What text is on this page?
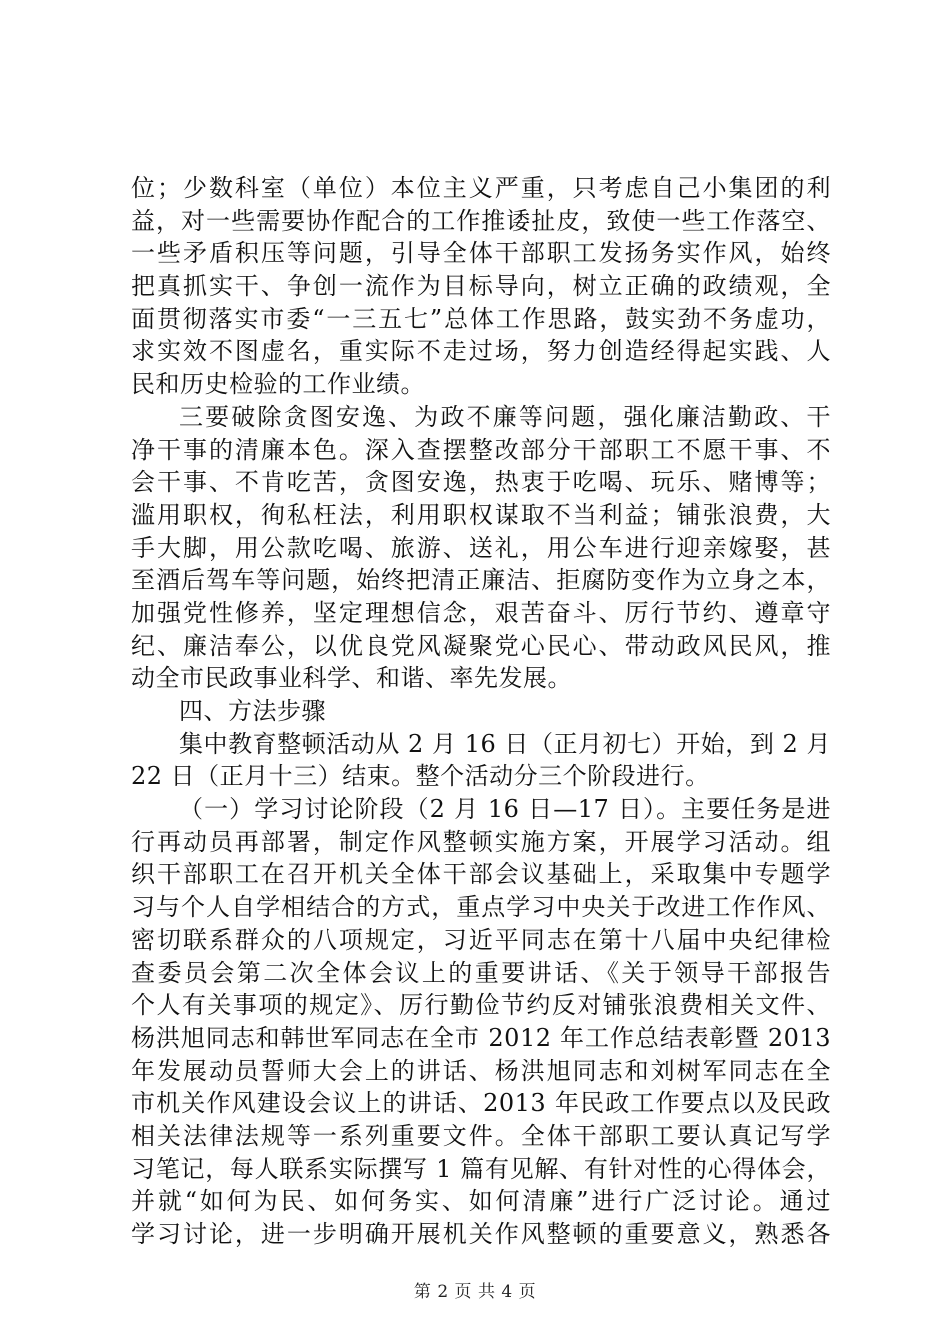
位；少数科室（单位）本位主义严重，只考虑自己小集团的利
益，对一些需要协作配合的工作推诿扯皮，致使一些工作落空、
一些矛盾积压等问题，引导全体干部职工发扬务实作风，始终
把真抓实干、争创一流作为目标导向，树立正确的政绩观，全
面贯彻落实市委“一三五七”总体工作思路，鼓实劲不务虚功，
求实效不图虚名，重实际不走过场，努力创造经得起实践、人
民和历史检验的工作业绩。
三要破除贪图安逸、为政不廉等问题，强化廉洁勤政、干
净干事的清廉本色。深入查摆整改部分干部职工不愿干事、不
会干事、不肯吃苦，贪图安逸，热衷于吃喝、玩乐、赌博等；
滥用职权，徇私枉法，利用职权谋取不当利益；铺张浪费，大
手大脚，用公款吃喝、旅游、送礼，用公车进行迎亲嫁娶，甚
至酒后驾车等问题，始终把清正廉洁、拒腐防变作为立身之本，
加强党性修养，坚定理想信念，艰苦奋斗、厉行节约、遵章守
纪、廉洁奉公，以优良党风凝聚党心民心、带动政风民风，推
动全市民政事业科学、和谐、率先发展。
四、方法步骤
集中教育整顿活动从 2 月 16 日（正月初七）开始，到 2 月
22 日（正月十三）结束。整个活动分三个阶段进行。
（一）学习讨论阶段（2 月 16 日—17 日）。主要任务是进
行再动员再部署，制定作风整顿实施方案，开展学习活动。组
织干部职工在召开机关全体干部会议基础上，采取集中专题学
习与个人自学相结合的方式，重点学习中央关于改进工作作风、
密切联系群众的八项规定，习近平同志在第十八届中央纪律检
查委员会第二次全体会议上的重要讲话、《关于领导干部报告
个人有关事项的规定》、厉行勤俭节约反对铺张浪费相关文件、
杨洪旭同志和韩世军同志在全市 2012 年工作总结表彰暨 2013
年发展动员誓师大会上的讲话、杨洪旭同志和刘树军同志在全
市机关作风建设会议上的讲话、2013 年民政工作要点以及民政
相关法律法规等一系列重要文件。全体干部职工要认真记写学
习笔记，每人联系实际撰写 1 篇有见解、有针对性的心得体会，
并就“如何为民、如何务实、如何清廉”进行广泛讨论。通过
学习讨论，进一步明确开展机关作风整顿的重要意义，熟悉各
第 2 页 共 4 页
